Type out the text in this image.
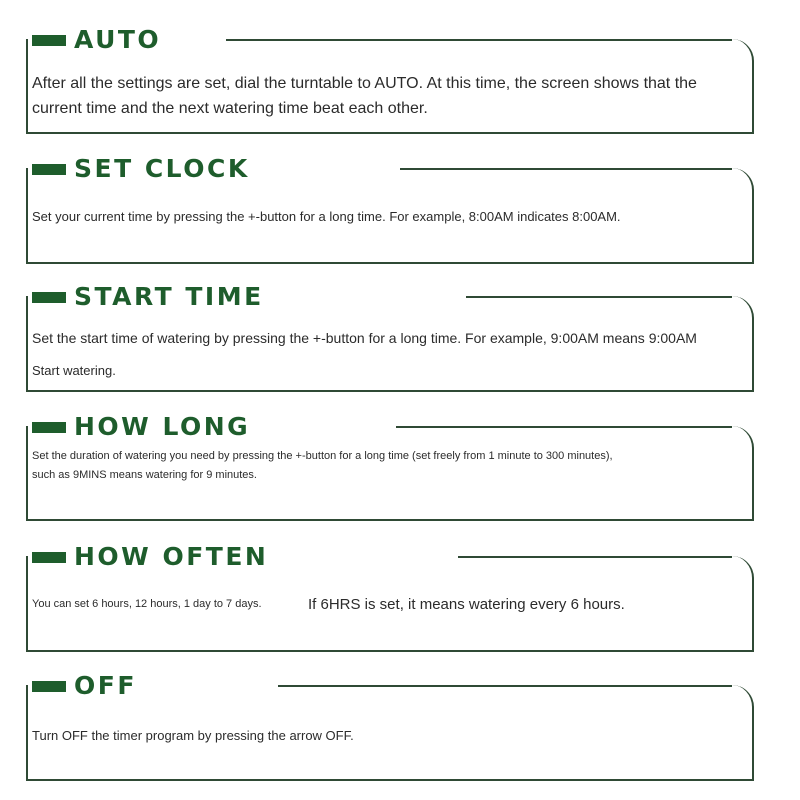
AUTO
After all the settings are set, dial the turntable to AUTO. At this time, the screen shows that the
current time and the next watering time beat each other.
SET CLOCK
Set your current time by pressing the +-button for a long time. For example, 8:00AM indicates 8:00AM.
START TIME
Set the start time of watering by pressing the +-button for a long time. For example, 9:00AM means 9:00AM
Start watering.
HOW LONG
Set the duration of watering you need by pressing the +-button for a long time (set freely from 1 minute to 300 minutes),
such as 9MINS means watering for 9 minutes.
HOW OFTEN
You can set 6 hours, 12 hours, 1 day to 7 days.	If 6HRS is set, it means watering every 6 hours.
OFF
Turn OFF the timer program by pressing the arrow OFF.
